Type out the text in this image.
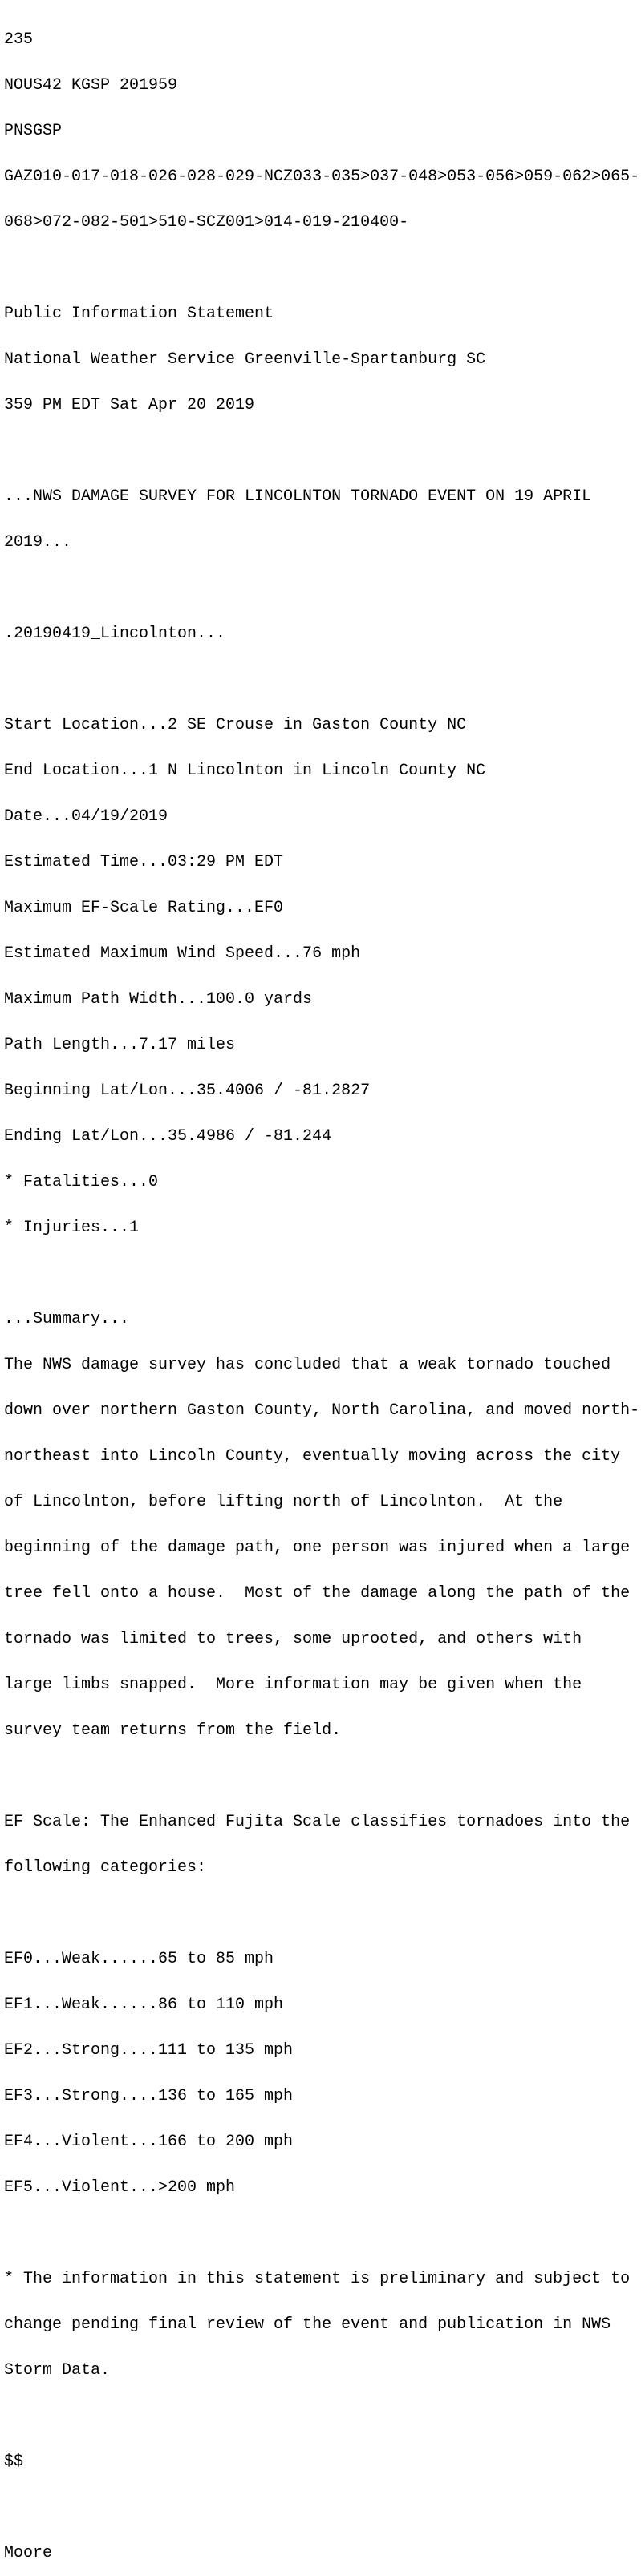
235

NOUS42 KGSP 201959

PNSGSP

GAZ010-017-018-026-028-029-NCZ033-035>037-048>053-056>059-062>065-

068>072-082-501>510-SCZ001>014-019-210400-

Public Information Statement

National Weather Service Greenville-Spartanburg SC

359 PM EDT Sat Apr 20 2019

...NWS DAMAGE SURVEY FOR LINCOLNTON TORNADO EVENT ON 19 APRIL

2019...

.20190419_Lincolnton...

Start Location...2 SE Crouse in Gaston County NC

End Location...1 N Lincolnton in Lincoln County NC

Date...04/19/2019

Estimated Time...03:29 PM EDT

Maximum EF-Scale Rating...EF0

Estimated Maximum Wind Speed...76 mph

Maximum Path Width...100.0 yards

Path Length...7.17 miles

Beginning Lat/Lon...35.4006 / -81.2827

Ending Lat/Lon...35.4986 / -81.244

* Fatalities...0

* Injuries...1

...Summary...

The NWS damage survey has concluded that a weak tornado touched

down over northern Gaston County, North Carolina, and moved north-

northeast into Lincoln County, eventually moving across the city

of Lincolnton, before lifting north of Lincolnton.  At the

beginning of the damage path, one person was injured when a large

tree fell onto a house.  Most of the damage along the path of the

tornado was limited to trees, some uprooted, and others with

large limbs snapped.  More information may be given when the

survey team returns from the field.

EF Scale: The Enhanced Fujita Scale classifies tornadoes into the

following categories:

EF0...Weak......65 to 85 mph

EF1...Weak......86 to 110 mph

EF2...Strong....111 to 135 mph

EF3...Strong....136 to 165 mph

EF4...Violent...166 to 200 mph

EF5...Violent...>200 mph

* The information in this statement is preliminary and subject to

change pending final review of the event and publication in NWS

Storm Data.

$$

Moore
